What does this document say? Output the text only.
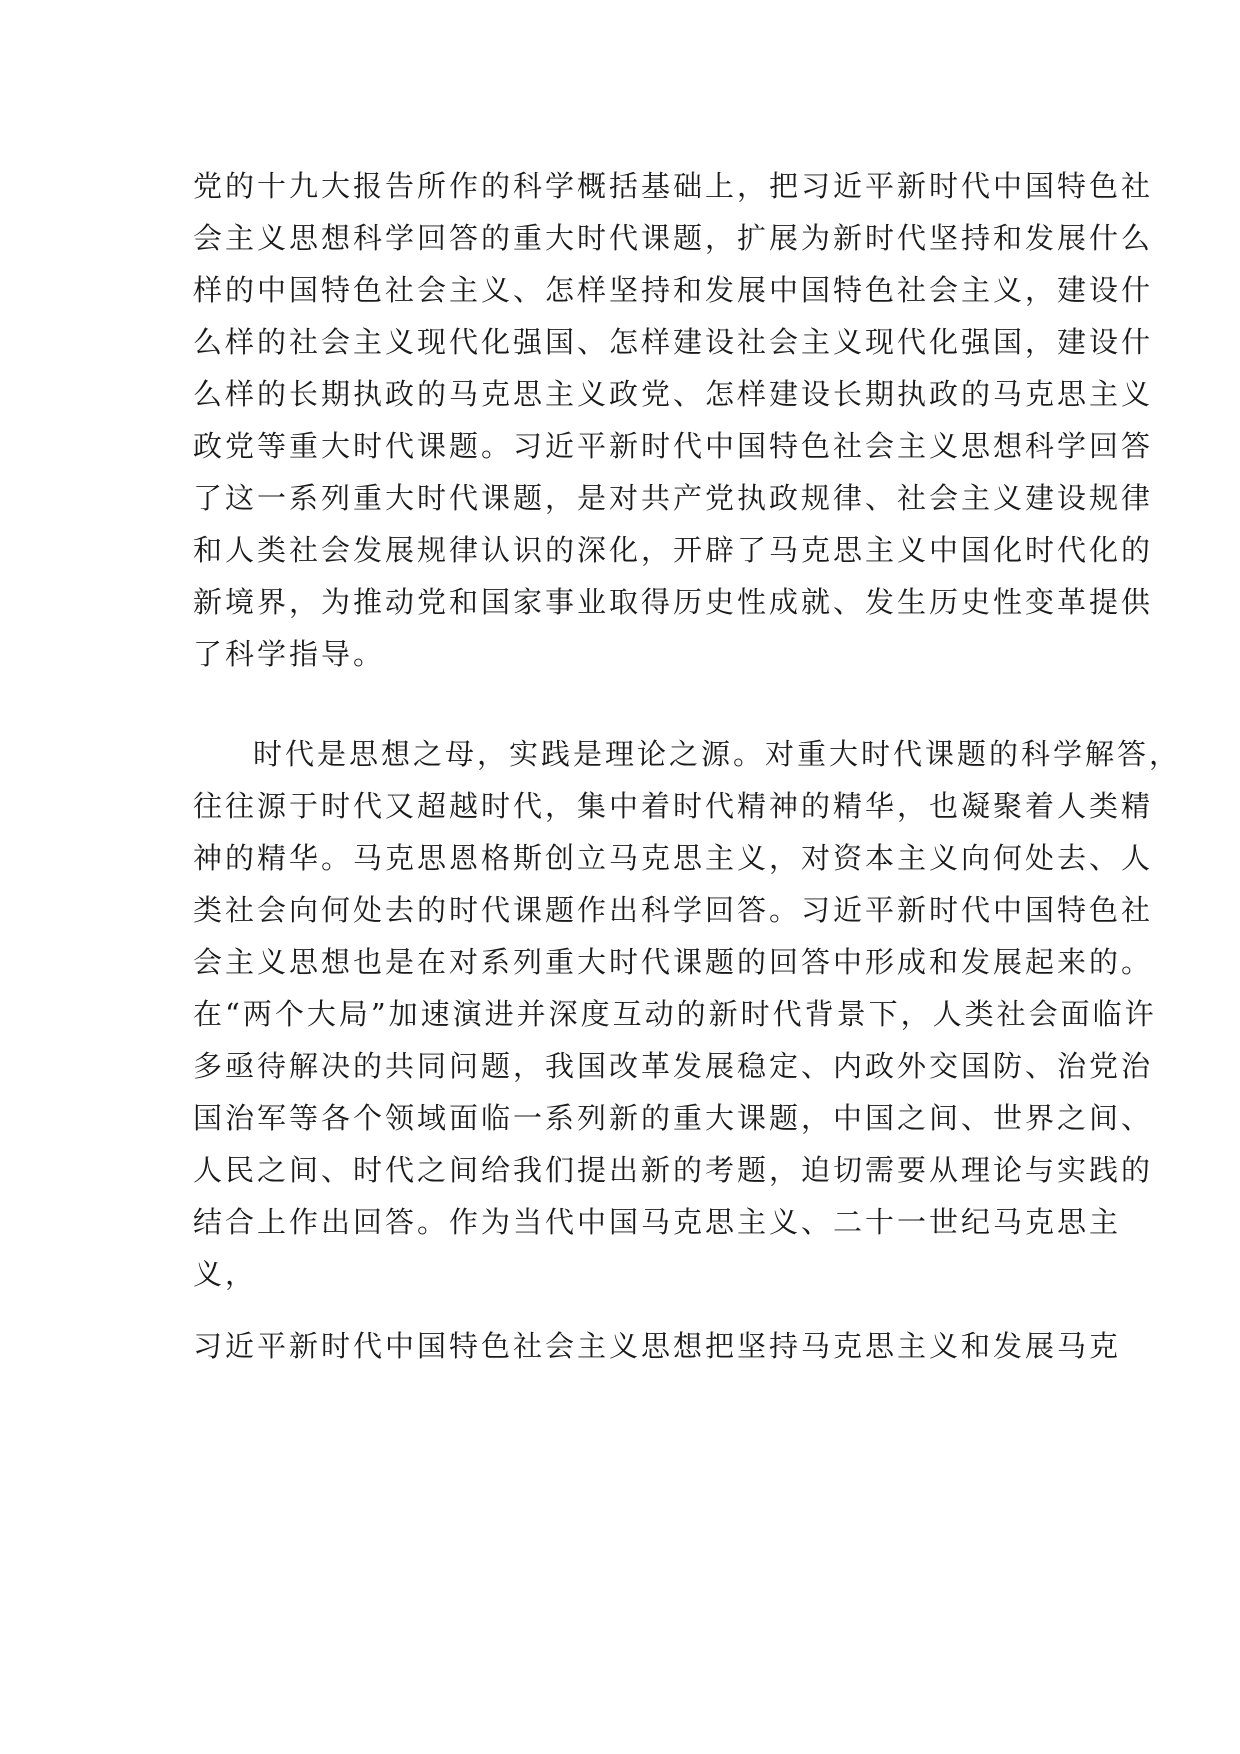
党的十九大报告所作的科学概括基础上，把习近平新时代中国特色社
会主义思想科学回答的重大时代课题，扩展为新时代坚持和发展什么
样的中国特色社会主义、怎样坚持和发展中国特色社会主义，建设什
么样的社会主义现代化强国、怎样建设社会主义现代化强国，建设什
么样的长期执政的马克思主义政党、怎样建设长期执政的马克思主义
政党等重大时代课题。习近平新时代中国特色社会主义思想科学回答
了这一系列重大时代课题，是对共产党执政规律、社会主义建设规律
和人类社会发展规律认识的深化，开辟了马克思主义中国化时代化的
新境界，为推动党和国家事业取得历史性成就、发生历史性变革提供
了科学指导。
时代是思想之母，实践是理论之源。对重大时代课题的科学解答，
往往源于时代又超越时代，集中着时代精神的精华，也凝聚着人类精
神的精华。马克思恩格斯创立马克思主义，对资本主义向何处去、人
类社会向何处去的时代课题作出科学回答。习近平新时代中国特色社
会主义思想也是在对系列重大时代课题的回答中形成和发展起来的。
在“两个大局”加速演进并深度互动的新时代背景下，人类社会面临许
多亟待解决的共同问题，我国改革发展稳定、内政外交国防、治党治
国治军等各个领域面临一系列新的重大课题，中国之间、世界之间、
人民之间、时代之间给我们提出新的考题，迫切需要从理论与实践的
结合上作出回答。作为当代中国马克思主义、二十一世纪马克思主
义，
习近平新时代中国特色社会主义思想把坚持马克思主义和发展马克
